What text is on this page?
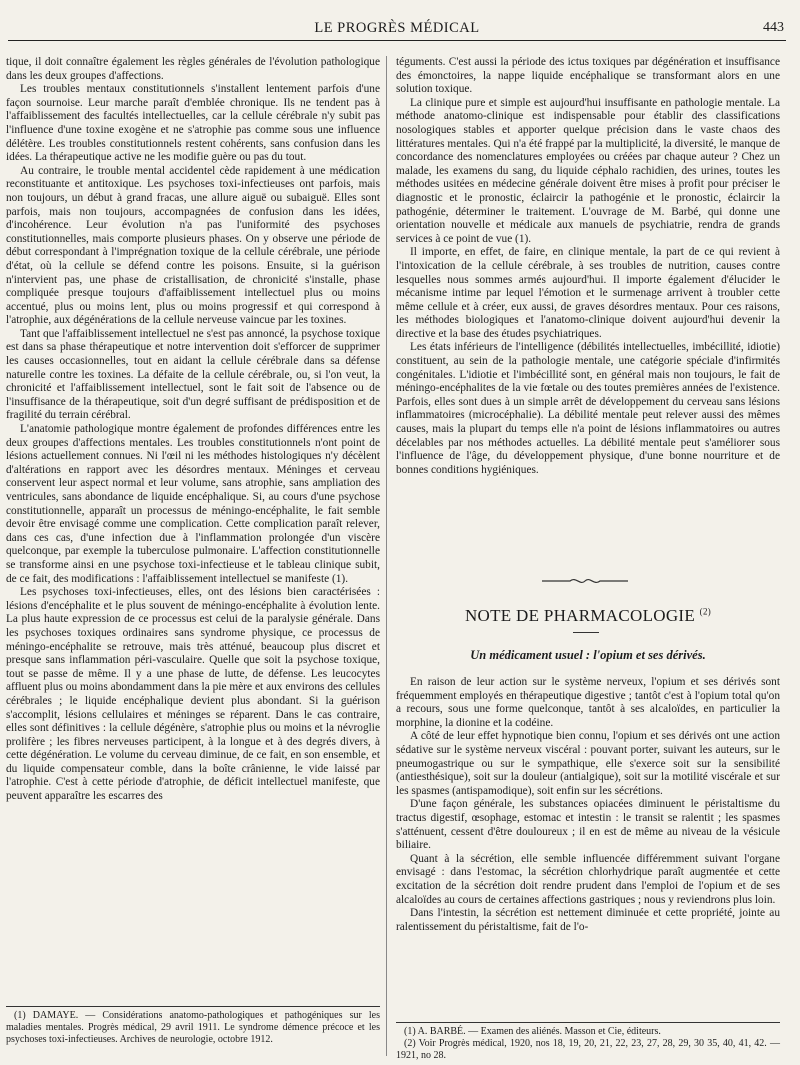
LE PROGRÈS MÉDICAL	443

tique, il doit connaître également les règles générales de l'évolution pathologique dans les deux groupes d'affections.

Les troubles mentaux constitutionnels s'installent lentement parfois d'une façon sournoise. Leur marche paraît d'emblée chronique. Ils ne tendent pas à l'affaiblissement des facultés intellectuelles, car la cellule cérébrale n'y subit pas l'influence d'une toxine exogène et ne s'atrophie pas comme sous une influence délétère. Les troubles constitutionnels restent cohérents, sans confusion dans les idées. La thérapeutique active ne les modifie guère ou pas du tout.

Au contraire, le trouble mental accidentel cède rapidement à une médication reconstituante et antitoxique. Les psychoses toxi-infectieuses ont parfois, mais non toujours, un début à grand fracas, une allure aiguë ou subaiguë. Elles sont parfois, mais non toujours, accompagnées de confusion dans les idées, d'incohérence. Leur évolution n'a pas l'uniformité des psychoses constitutionnelles, mais comporte plusieurs phases. On y observe une période de début correspondant à l'imprégnation toxique de la cellule cérébrale, une période d'état, où la cellule se défend contre les poisons. Ensuite, si la guérison n'intervient pas, une phase de cristallisation, de chronicité s'installe, phase compliquée presque toujours d'affaiblissement intellectuel plus ou moins accentué, plus ou moins lent, plus ou moins progressif et qui correspond à l'atrophie, aux dégénérations de la cellule nerveuse vaincue par les toxines.

Tant que l'affaiblissement intellectuel ne s'est pas annoncé, la psychose toxique est dans sa phase thérapeutique et notre intervention doit s'efforcer de supprimer les causes occasionnelles, tout en aidant la cellule cérébrale dans sa défense naturelle contre les toxines. La défaite de la cellule cérébrale, ou, si l'on veut, la chronicité et l'affaiblissement intellectuel, sont le fait soit de l'absence ou de l'insuffisance de la thérapeutique, soit d'un degré suffisant de prédisposition et de fragilité du terrain cérébral.

L'anatomie pathologique montre également de profondes différences entre les deux groupes d'affections mentales. Les troubles constitutionnels n'ont point de lésions actuellement connues. Ni l'œil ni les méthodes histologiques n'y décèlent d'altérations en rapport avec les désordres mentaux. Méninges et cerveau conservent leur aspect normal et leur volume, sans atrophie, sans ampliation des ventricules, sans abondance de liquide encéphalique. Si, au cours d'une psychose constitutionnelle, apparaît un processus de méningo-encéphalite, le fait semble devoir être envisagé comme une complication. Cette complication paraît relever, dans ces cas, d'une infection due à l'inflammation prolongée d'un viscère quelconque, par exemple la tuberculose pulmonaire. L'affection constitutionnelle se transforme ainsi en une psychose toxi-infectieuse et le tableau clinique subit, de ce fait, des modifications : l'affaiblissement intellectuel se manifeste (1).

Les psychoses toxi-infectieuses, elles, ont des lésions bien caractérisées : lésions d'encéphalite et le plus souvent de méningo-encéphalite à évolution lente. La plus haute expression de ce processus est celui de la paralysie générale. Dans les psychoses toxiques ordinaires sans syndrome physique, ce processus de méningo-encéphalite se retrouve, mais très atténué, beaucoup plus discret et presque sans inflammation péri-vasculaire. Quelle que soit la psychose toxique, tout se passe de même. Il y a une phase de lutte, de défense. Les leucocytes affluent plus ou moins abondamment dans la pie mère et aux environs des cellules cérébrales ; le liquide encéphalique devient plus abondant. Si la guérison s'accomplit, lésions cellulaires et méninges se réparent. Dans le cas contraire, elles sont définitives : la cellule dégénère, s'atrophie plus ou moins et la névroglie prolifère ; les fibres nerveuses participent, à la longue et à des degrés divers, à cette dégénération. Le volume du cerveau diminue, de ce fait, en son ensemble, et du liquide compensateur comble, dans la boîte crânienne, le vide laissé par l'atrophie. C'est à cette période d'atrophie, de déficit intellectuel manifeste, que peuvent apparaître les escarres des

(1) DAMAYE. — Considérations anatomo-pathologiques et pathogéniques sur les maladies mentales. Progrès médical, 29 avril 1911. Le syndrome démence précoce et les psychoses toxi-infectieuses. Archives de neurologie, octobre 1912.

téguments. C'est aussi la période des ictus toxiques par dégénération et insuffisance des émonctoires, la nappe liquide encéphalique se transformant alors en une solution toxique.

La clinique pure et simple est aujourd'hui insuffisante en pathologie mentale. La méthode anatomo-clinique est indispensable pour établir des classifications nosologiques stables et apporter quelque précision dans le vaste chaos des littératures mentales. Qui n'a été frappé par la multiplicité, la diversité, le manque de concordance des nomenclatures employées ou créées par chaque auteur ? Chez un malade, les examens du sang, du liquide céphalo rachidien, des urines, toutes les méthodes usitées en médecine générale doivent être mises à profit pour préciser le diagnostic et le pronostic, éclaircir la pathogénie et le pronostic, éclaircir la pathogénie, déterminer le traitement. L'ouvrage de M. Barbé, qui donne une orientation nouvelle et médicale aux manuels de psychiatrie, rendra de grands services à ce point de vue (1).

Il importe, en effet, de faire, en clinique mentale, la part de ce qui revient à l'intoxication de la cellule cérébrale, à ses troubles de nutrition, causes contre lesquelles nous sommes armés aujourd'hui. Il importe également d'élucider le mécanisme intime par lequel l'émotion et le surmenage arrivent à troubler cette même cellule et à créer, eux aussi, de graves désordres mentaux. Pour ces raisons, les méthodes biologiques et l'anatomo-clinique doivent aujourd'hui devenir la directive et la base des études psychiatriques.

Les états inférieurs de l'intelligence (débilités intellectuelles, imbécillité, idiotie) constituent, au sein de la pathologie mentale, une catégorie spéciale d'infirmités congénitales. L'idiotie et l'imbécillité sont, en général mais non toujours, le fait de méningo-encéphalites de la vie fœtale ou des toutes premières années de l'existence. Parfois, elles sont dues à un simple arrêt de développement du cerveau sans lésions inflammatoires (microcéphalie). La débilité mentale peut relever aussi des mêmes causes, mais la plupart du temps elle n'a point de lésions inflammatoires ou autres décelables par nos méthodes actuelles. La débilité mentale peut s'améliorer sous l'influence de l'âge, du développement physique, d'une bonne nourriture et de bonnes conditions hygiéniques.

NOTE DE PHARMACOLOGIE $^{(2)}$
Un médicament usuel : l'opium et ses dérivés.

En raison de leur action sur le système nerveux, l'opium et ses dérivés sont fréquemment employés en thérapeutique digestive ; tantôt c'est à l'opium total qu'on a recours, sous une forme quelconque, tantôt à ses alcaloïdes, en particulier la morphine, la dionine et la codéine.

A côté de leur effet hypnotique bien connu, l'opium et ses dérivés ont une action sédative sur le système nerveux viscéral : pouvant porter, suivant les auteurs, sur le pneumogastrique ou sur le sympathique, elle s'exerce soit sur la sensibilité (antiesthésique), soit sur la douleur (antialgique), soit sur la motilité viscérale et sur les spasmes (antispamodique), soit enfin sur les sécrétions.

D'une façon générale, les substances opiacées diminuent le péristaltisme du tractus digestif, œsophage, estomac et intestin : le transit se ralentit ; les spasmes s'atténuent, cessent d'être douloureux ; il en est de même au niveau de la vésicule biliaire.

Quant à la sécrétion, elle semble influencée différemment suivant l'organe envisagé : dans l'estomac, la sécrétion chlorhydrique paraît augmentée et cette excitation de la sécrétion doit rendre prudent dans l'emploi de l'opium et de ses alcaloïdes au cours de certaines affections gastriques ; nous y reviendrons plus loin.

Dans l'intestin, la sécrétion est nettement diminuée et cette propriété, jointe au ralentissement du péristaltisme, fait de l'o-

(1) A. BARBÉ. — Examen des aliénés. Masson et Cie, éditeurs.

(2) Voir Progrès médical, 1920, nos 18, 19, 20, 21, 22, 23, 27, 28, 29, 30 35, 40, 41, 42. — 1921, no 28.
